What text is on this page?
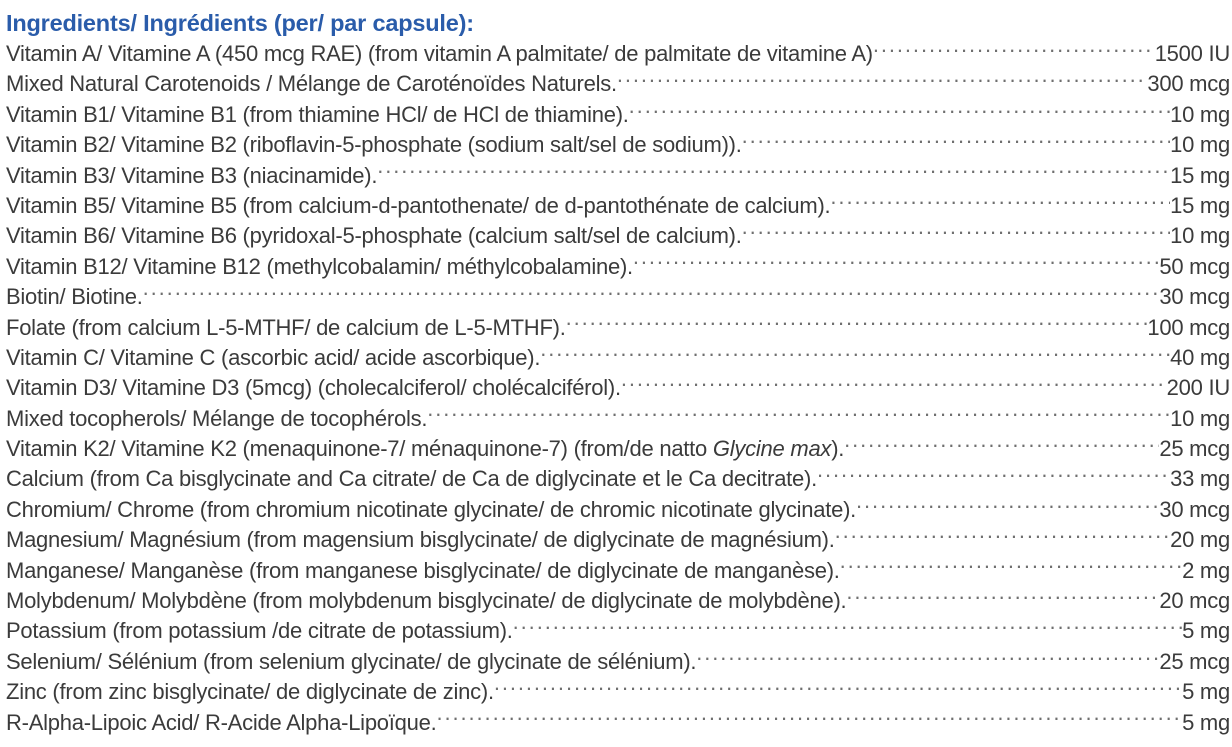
Ingredients/ Ingrédients (per/ par capsule):
Vitamin A/ Vitamine A (450 mcg RAE) (from vitamin A palmitate/ de palmitate de vitamine A) .....	1500 IU
Mixed Natural Carotenoids / Mélange de Caroténoïdes Naturels. .....	300 mcg
Vitamin B1/ Vitamine B1 (from thiamine HCl/ de HCl de thiamine). .....	10 mg
Vitamin B2/ Vitamine B2 (riboflavin-5-phosphate (sodium salt/sel de sodium)). .....	10 mg
Vitamin B3/ Vitamine B3 (niacinamide). .....	15 mg
Vitamin B5/ Vitamine B5 (from calcium-d-pantothenate/ de d-pantothénate de calcium). .....	15 mg
Vitamin B6/ Vitamine B6 (pyridoxal-5-phosphate (calcium salt/sel de calcium). .....	10 mg
Vitamin B12/ Vitamine B12 (methylcobalamin/ méthylcobalamine). .....	50 mcg
Biotin/ Biotine. .....	30 mcg
Folate (from calcium L-5-MTHF/ de calcium de L-5-MTHF). .....	100 mcg
Vitamin C/ Vitamine C (ascorbic acid/ acide ascorbique). .....	40 mg
Vitamin D3/ Vitamine D3 (5mcg) (cholecalciferol/ cholécalciférol). .....	200 IU
Mixed tocopherols/ Mélange de tocophérols. .....	10 mg
Vitamin K2/ Vitamine K2 (menaquinone-7/ ménaquinone-7) (from/de natto Glycine max). .....	25 mcg
Calcium (from Ca bisglycinate and Ca citrate/ de Ca de diglycinate et le Ca decitrate). .....	33 mg
Chromium/ Chrome (from chromium nicotinate glycinate/ de chromic nicotinate glycinate). .....	30 mcg
Magnesium/ Magnésium (from magensium bisglycinate/ de diglycinate de magnésium). .....	20 mg
Manganese/ Manganèse (from manganese bisglycinate/ de diglycinate de manganèse). .....	2 mg
Molybdenum/ Molybdène (from molybdenum bisglycinate/ de diglycinate de molybdène). .....	20 mcg
Potassium (from potassium /de citrate de potassium). .....	5 mg
Selenium/ Sélénium (from selenium glycinate/ de glycinate de sélénium). .....	25 mcg
Zinc (from zinc bisglycinate/ de diglycinate de zinc). .....	5 mg
R-Alpha-Lipoic Acid/ R-Acide Alpha-Lipoïque. .....	5 mg
